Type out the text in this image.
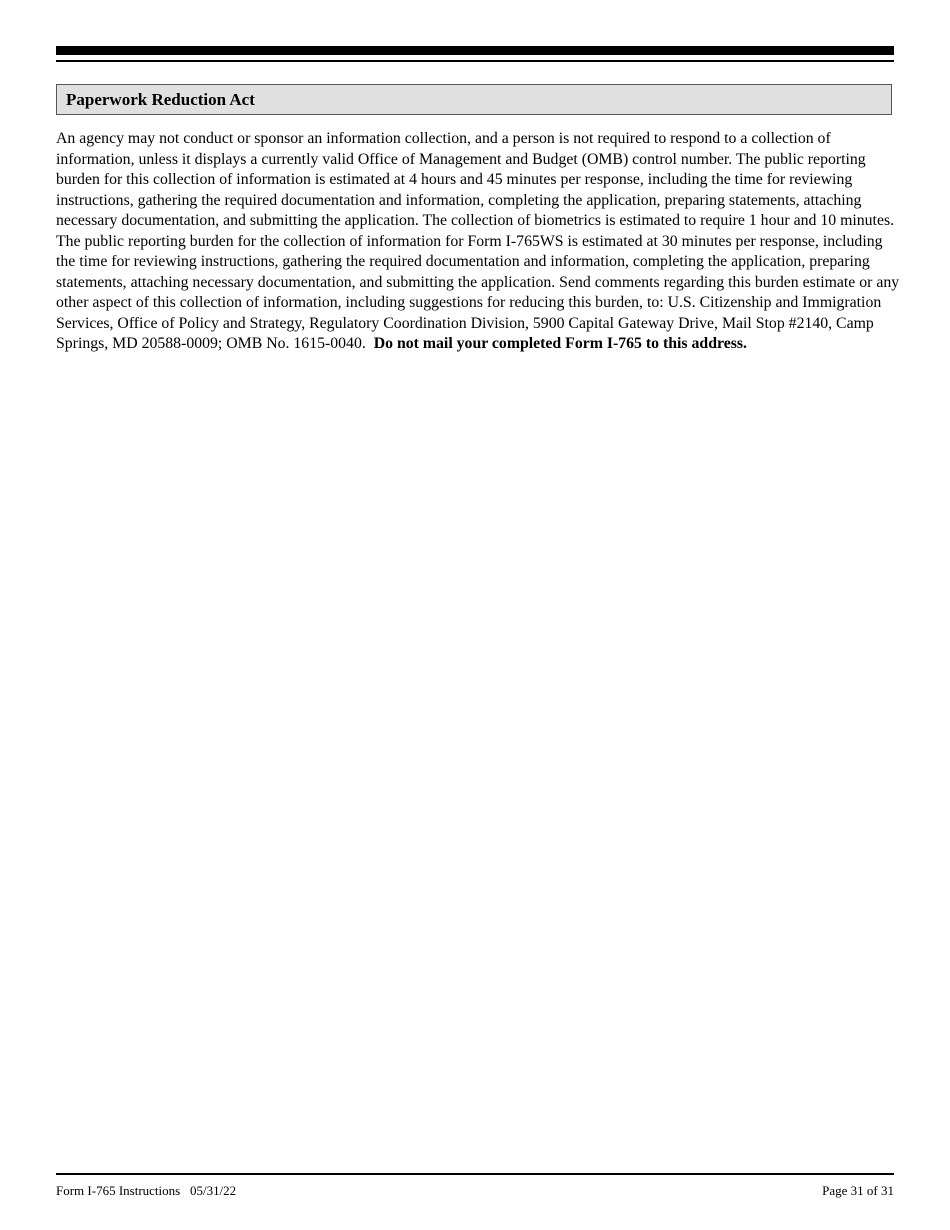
Paperwork Reduction Act

An agency may not conduct or sponsor an information collection, and a person is not required to respond to a collection of information, unless it displays a currently valid Office of Management and Budget (OMB) control number. The public reporting burden for this collection of information is estimated at 4 hours and 45 minutes per response, including the time for reviewing instructions, gathering the required documentation and information, completing the application, preparing statements, attaching necessary documentation, and submitting the application. The collection of biometrics is estimated to require 1 hour and 10 minutes. The public reporting burden for the collection of information for Form I-765WS is estimated at 30 minutes per response, including the time for reviewing instructions, gathering the required documentation and information, completing the application, preparing statements, attaching necessary documentation, and submitting the application. Send comments regarding this burden estimate or any other aspect of this collection of information, including suggestions for reducing this burden, to: U.S. Citizenship and Immigration Services, Office of Policy and Strategy, Regulatory Coordination Division, 5900 Capital Gateway Drive, Mail Stop #2140, Camp Springs, MD 20588-0009; OMB No. 1615-0040. Do not mail your completed Form I-765 to this address.

Form I-765 Instructions   05/31/22	Page 31 of 31
